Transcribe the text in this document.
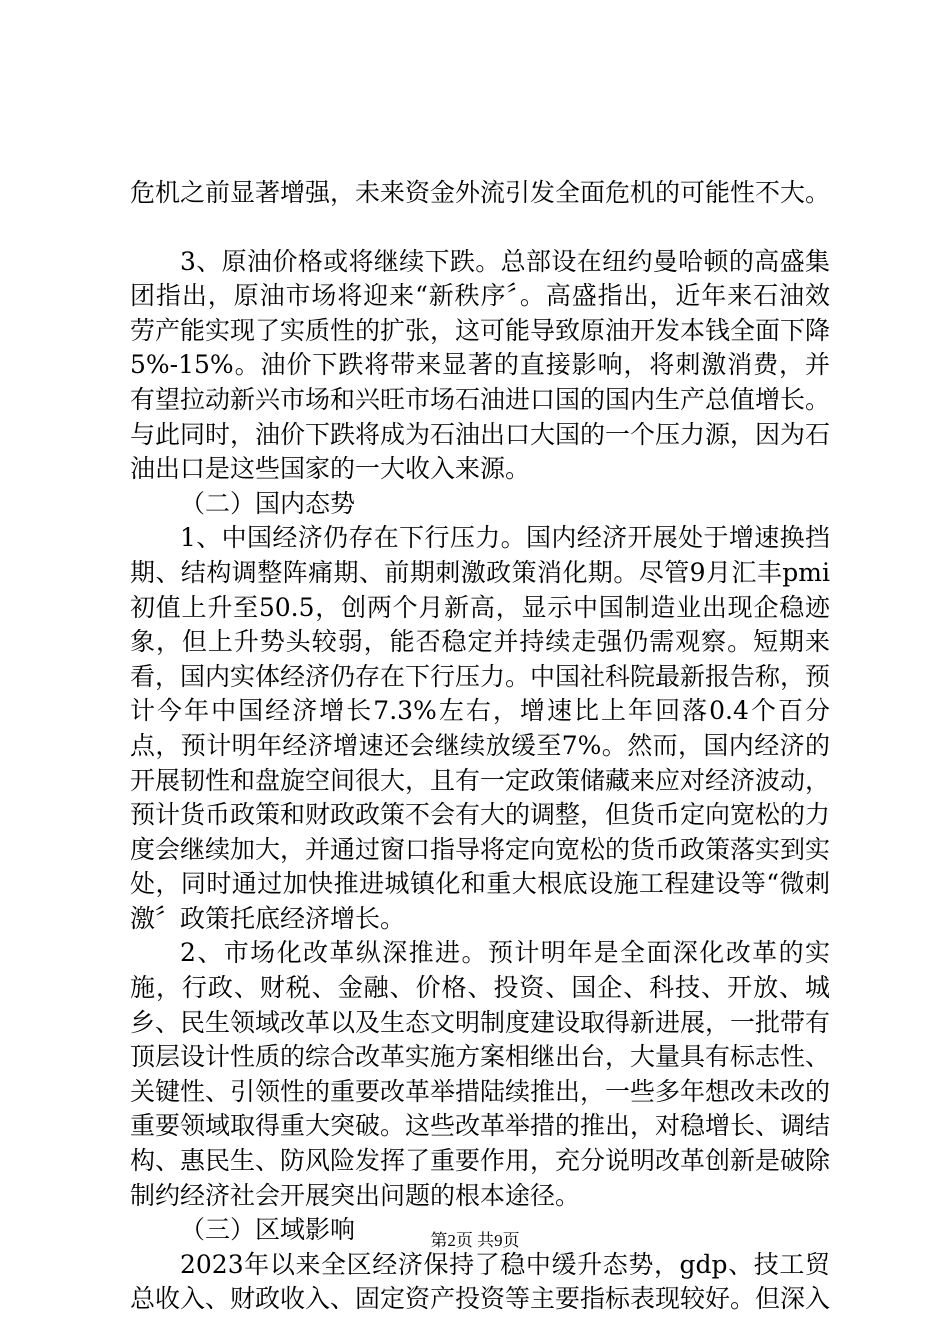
危机之前显著增强，未来资金外流引发全面危机的可能性不大。

3、原油价格或将继续下跌。总部设在纽约曼哈顿的高盛集团指出，原油市场将迎来“新秩序〞。高盛指出，近年来石油效劳产能实现了实质性的扩张，这可能导致原油开发本钱全面下降5%-15%。油价下跌将带来显著的直接影响，将刺激消费，并有望拉动新兴市场和兴旺市场石油进口国的国内生产总值增长。与此同时，油价下跌将成为石油出口大国的一个压力源，因为石油出口是这些国家的一大收入来源。

（二）国内态势

1、中国经济仍存在下行压力。国内经济开展处于增速换挡期、结构调整阵痛期、前期刺激政策消化期。尽管9月汇丰pmi初值上升至50.5，创两个月新高，显示中国制造业出现企稳迹象，但上升势头较弱，能否稳定并持续走强仍需观察。短期来看，国内实体经济仍存在下行压力。中国社科院最新报告称，预计今年中国经济增长7.3%左右，增速比上年回落0.4个百分点，预计明年经济增速还会继续放缓至7%。然而，国内经济的开展韧性和盘旋空间很大，且有一定政策储藏来应对经济波动，预计货币政策和财政政策不会有大的调整，但货币定向宽松的力度会继续加大，并通过窗口指导将定向宽松的货币政策落实到实处，同时通过加快推进城镇化和重大根底设施工程建设等“微刺激〞政策托底经济增长。

2、市场化改革纵深推进。预计明年是全面深化改革的实施，行政、财税、金融、价格、投资、国企、科技、开放、城乡、民生领域改革以及生态文明制度建设取得新进展，一批带有顶层设计性质的综合改革实施方案相继出台，大量具有标志性、关键性、引领性的重要改革举措陆续推出，一些多年想改未改的重要领域取得重大突破。这些改革举措的推出，对稳增长、调结构、惠民生、防风险发挥了重要作用，充分说明改革创新是破除制约经济社会开展突出问题的根本途径。

（三）区域影响

2023年以来全区经济保持了稳中缓升态势，gdp、技工贸总收入、财政收入、固定资产投资等主要指标表现较好。但深入

第2页 共9页
